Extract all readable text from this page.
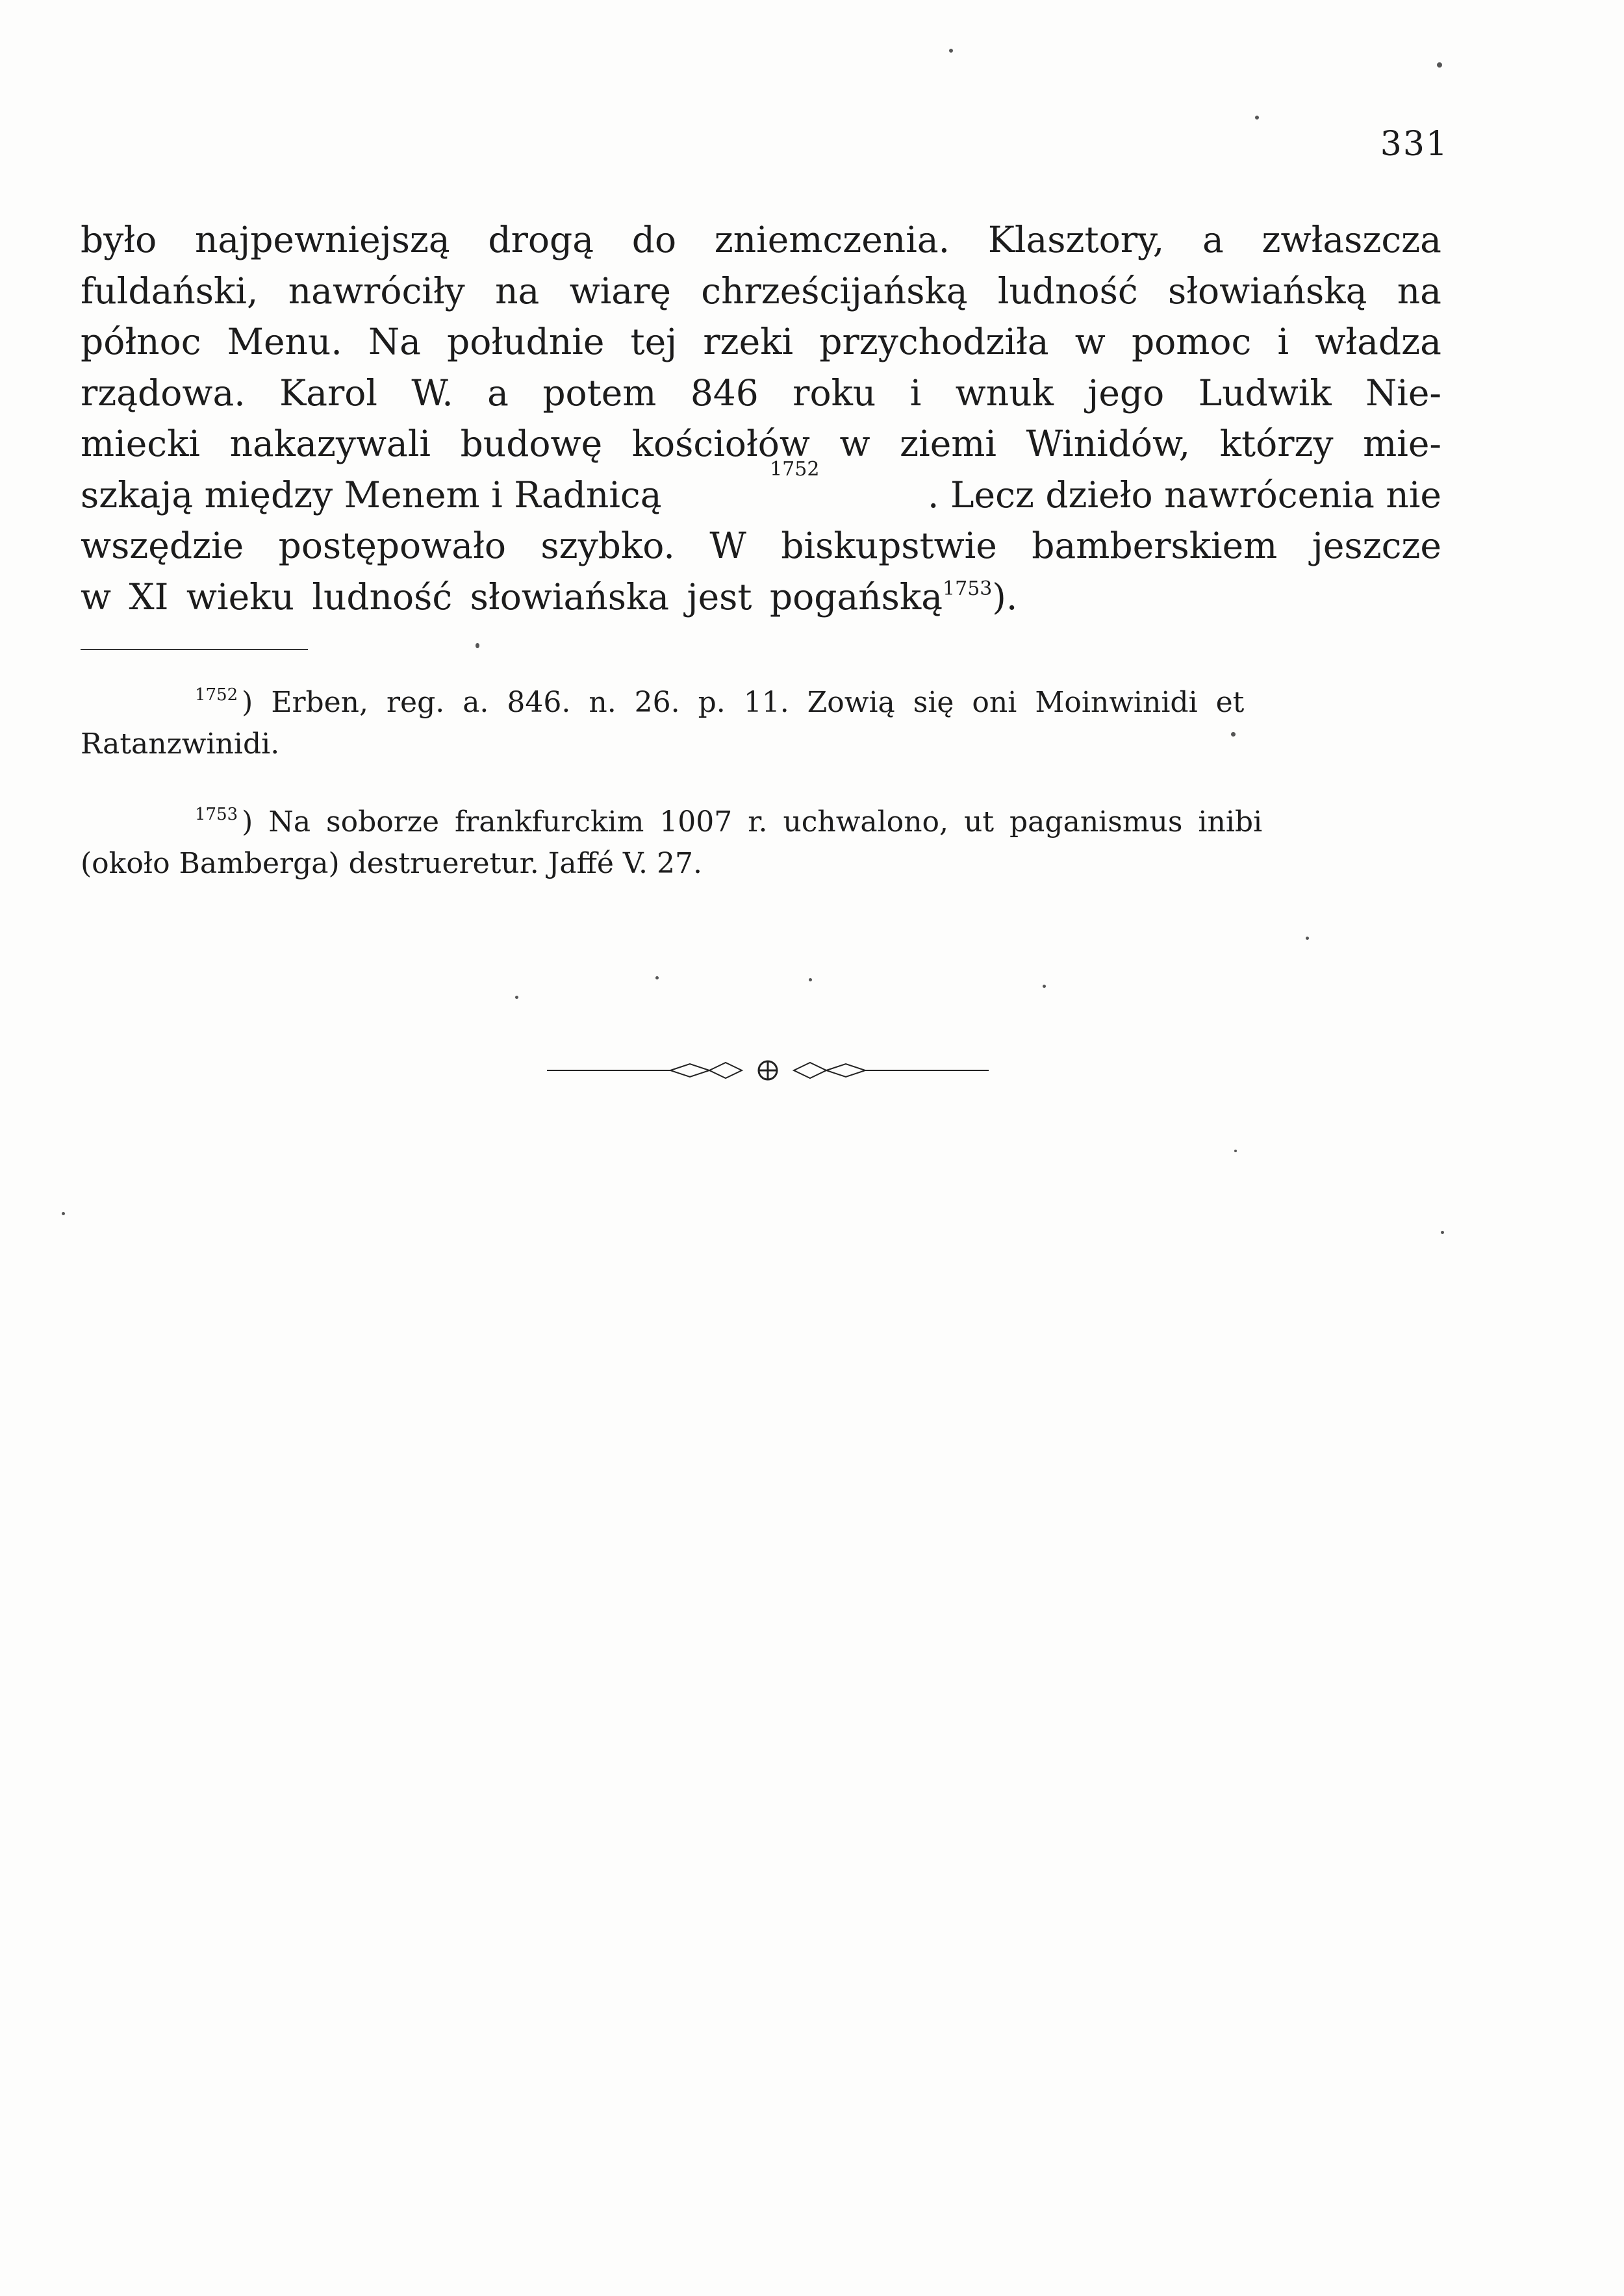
331
było najpewniejszą drogą do zniemczenia. Klasztory, a zwłaszcza
fuldański, nawróciły na wiarę chrześcijańską ludność słowiańską na
północ Menu. Na południe tej rzeki przychodziła w pomoc i władza
rządowa. Karol W. a potem 846 roku i wnuk jego Ludwik Nie-
miecki nakazywali budowę kościołów w ziemi Winidów, którzy mie-
szkają między Menem i Radnicą
1752
. Lecz dzieło nawrócenia nie
wszędzie postępowało szybko. W biskupstwie bamberskiem jeszcze
w XI wieku ludność słowiańska jest pogańską$^{1753}$).
$^{1752}$ ) Erben, reg. a. 846. n. 26. p. 11. Zowią się oni Moinwinidi et
Ratanzwinidi.
$^{1753}$ ) Na soborze frankfurckim 1007 r. uchwalono, ut paganismus inibi
(około Bamberga) destrueretur. Jaffé V. 27.
